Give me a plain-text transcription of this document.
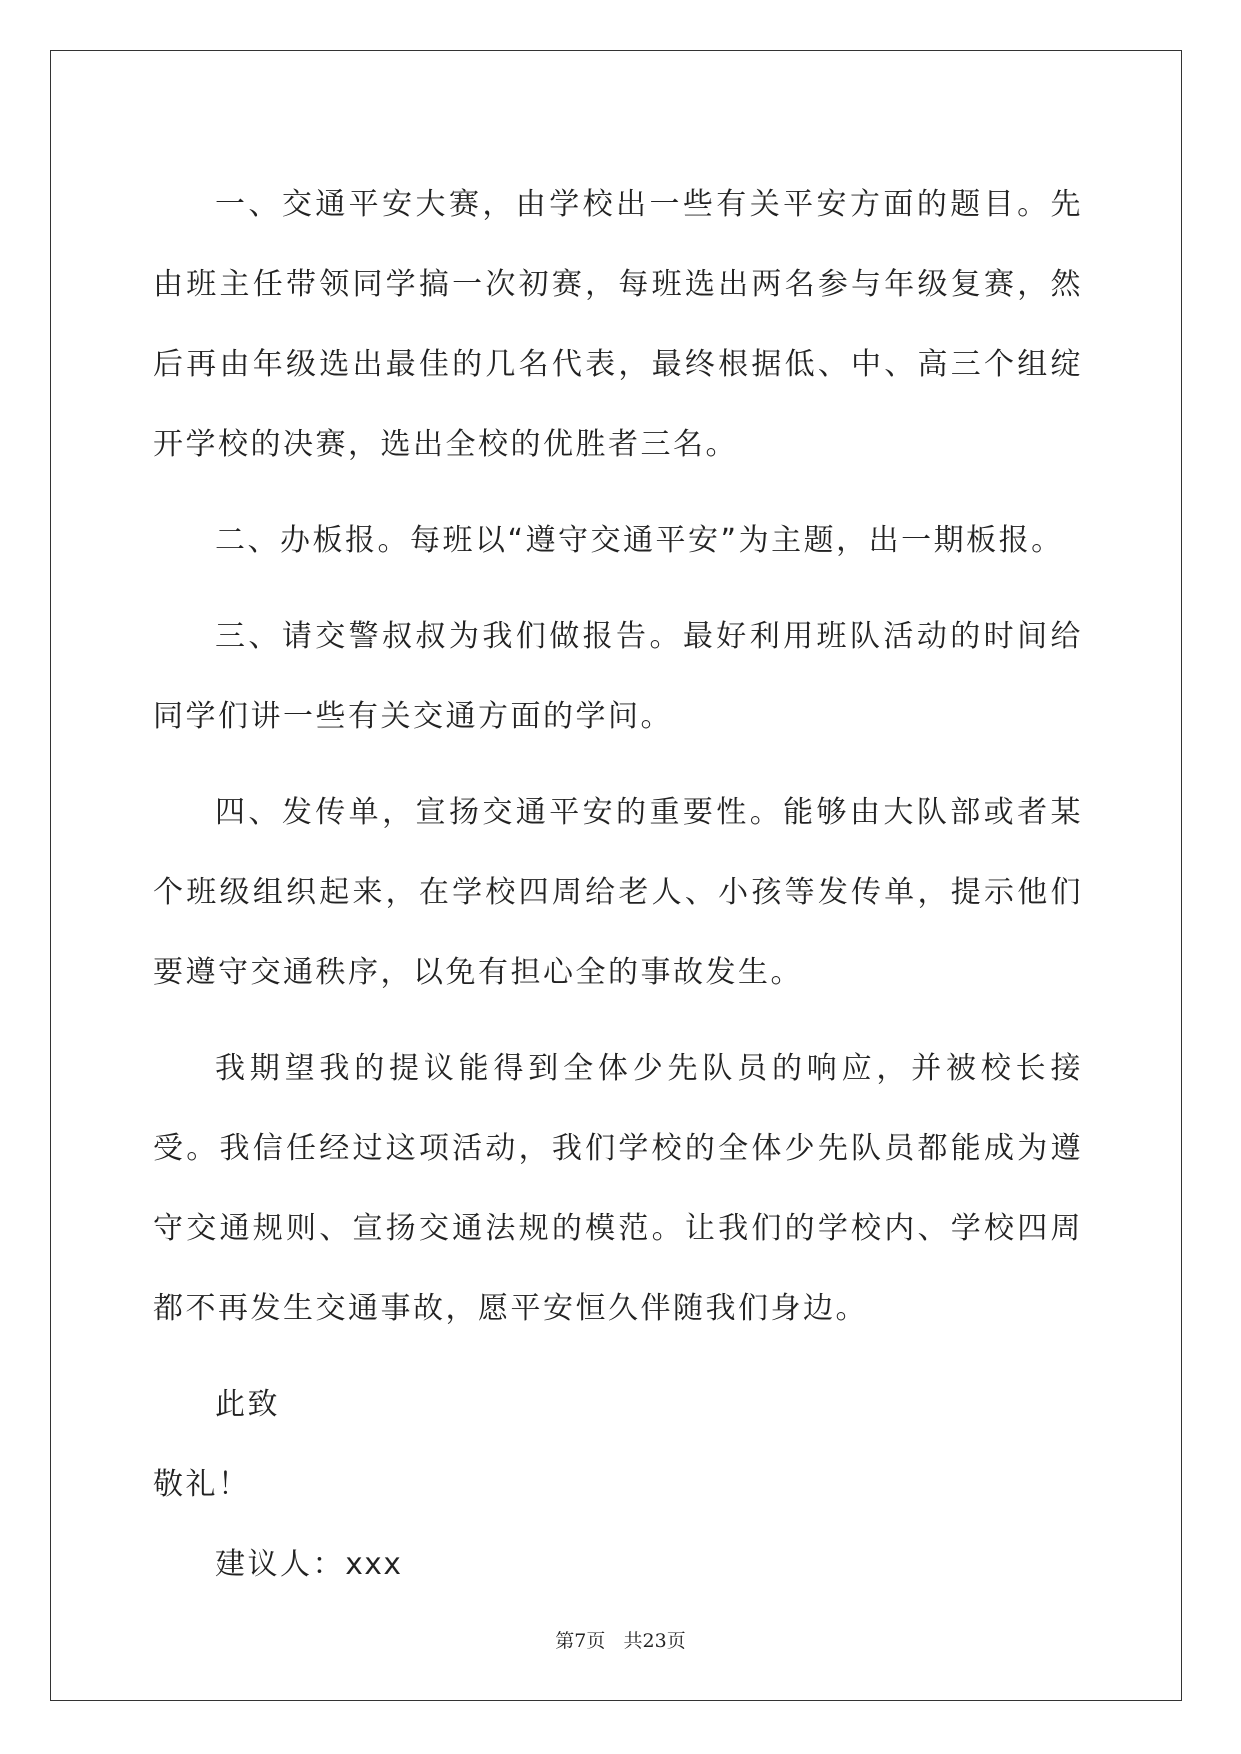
一、交通平安大赛，由学校出一些有关平安方面的题目。先由班主任带领同学搞一次初赛，每班选出两名参与年级复赛，然后再由年级选出最佳的几名代表，最终根据低、中、高三个组绽开学校的决赛，选出全校的优胜者三名。

二、办板报。每班以“遵守交通平安”为主题，出一期板报。

三、请交警叔叔为我们做报告。最好利用班队活动的时间给同学们讲一些有关交通方面的学问。

四、发传单，宣扬交通平安的重要性。能够由大队部或者某个班级组织起来，在学校四周给老人、小孩等发传单，提示他们要遵守交通秩序，以免有担心全的事故发生。

我期望我的提议能得到全体少先队员的响应，并被校长接受。我信任经过这项活动，我们学校的全体少先队员都能成为遵守交通规则、宣扬交通法规的模范。让我们的学校内、学校四周都不再发生交通事故，愿平安恒久伴随我们身边。

此致

敬礼！

建议人：xxx

第7页 共23页
